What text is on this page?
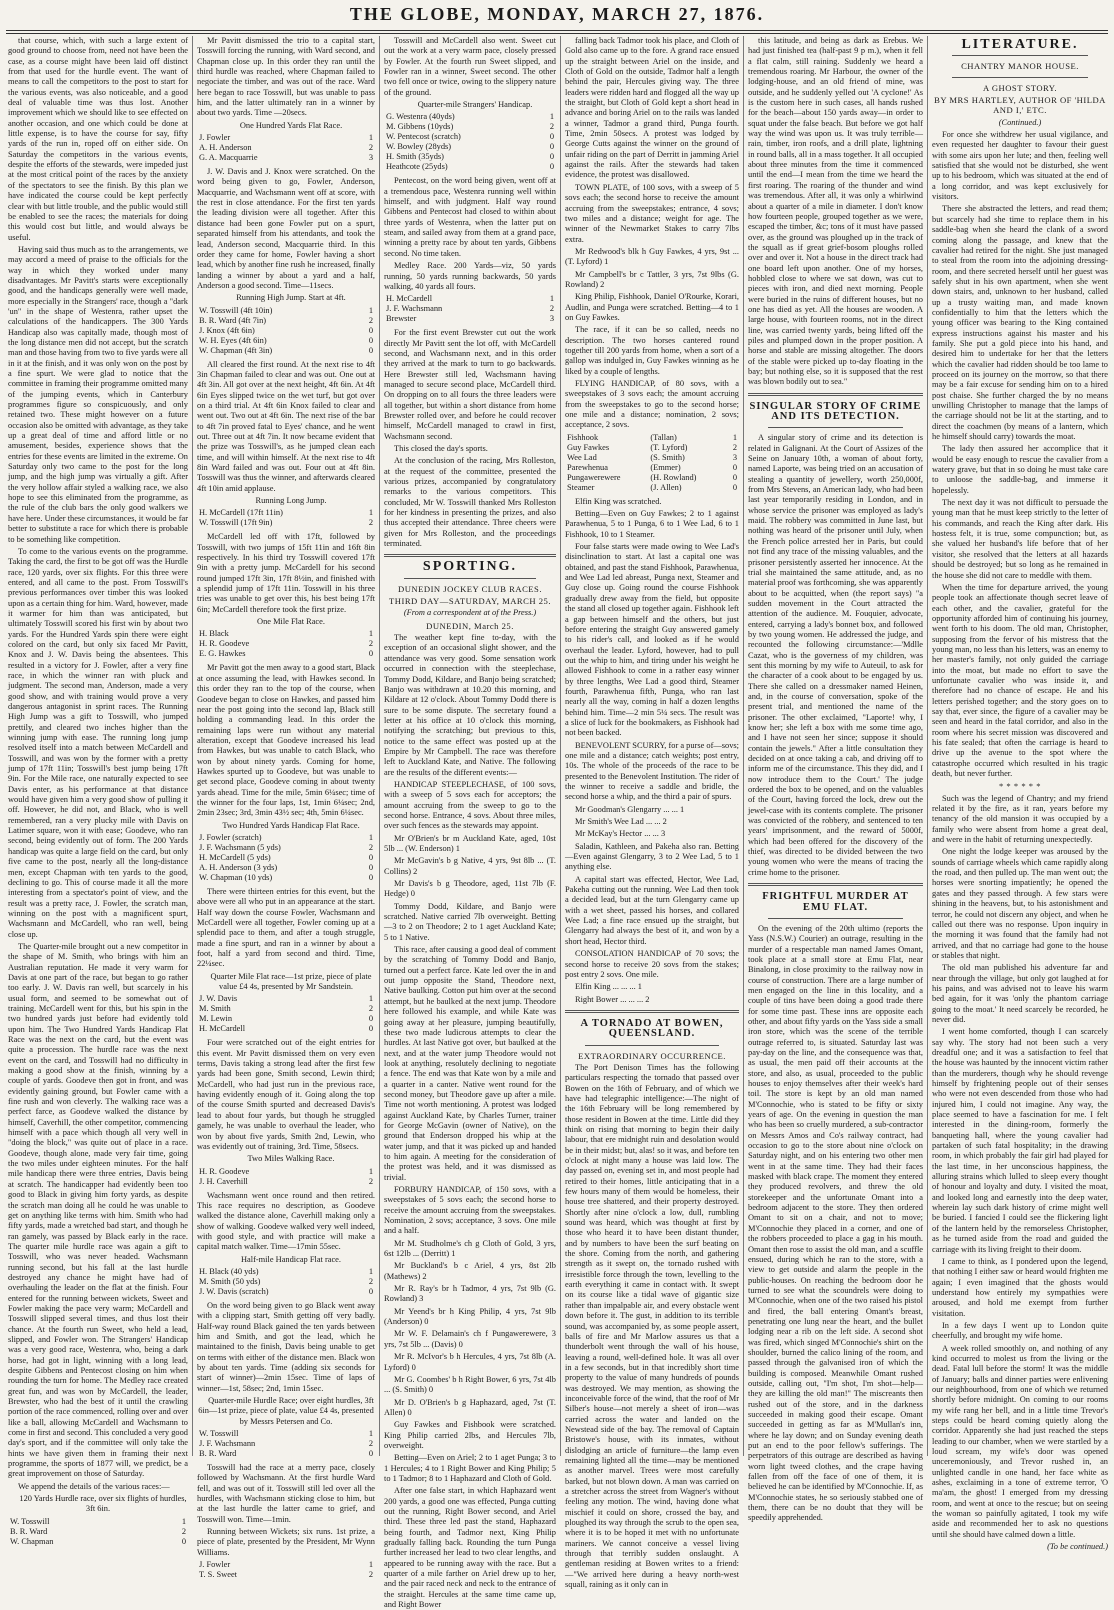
THE GLOBE, MONDAY, MARCH 27, 1876.

that course, which, with such a large extent of good ground to choose from, need not have been the case, as a course might have been laid off distinct from that used for the hurdle event. The want of means to call the competitors to the post to start for the various events, was also noticeable, and a good deal of valuable time was thus lost. Another improvement which we should like to see effected on another occasion, and one which could be done at little expense, is to have the course for say, fifty yards of the run in, roped off on either side. On Saturday the competitors in the various events, despite the efforts of the stewards, were impeded just at the most critical point of the races by the anxiety of the spectators to see the finish. By this plan we have indicated the course could be kept perfectly clear with but little trouble, and the public would still be enabled to see the races; the materials for doing this would cost but little, and would always be useful.

Having said thus much as to the arrangements, we may accord a meed of praise to the officials for the way in which they worked under many disadvantages. Mr Pavitt's starts were exceptionally good, and the handicaps generally were well made, more especially in the Strangers' race, though a "dark 'un" in the shape of Westenra, rather upset the calculations of the handicappers. The 300 Yards Handicap also was capitally made, though most of the long distance men did not accept, but the scratch man and those having from two to five yards were all in it at the finish, and it was only won on the post by a fine spurt. We were glad to notice that the committee in framing their programme omitted many of the jumping events, which in Canterbury programmes figure so conspicuously, and only retained two. These might however on a future occasion also be omitted with advantage, as they take up a great deal of time and afford little or no amusement, besides, experience shows that the entries for these events are limited in the extreme. On Saturday only two came to the post for the long jump, and the high jump was virtually a gift. After the very hollow affair styled a walking race, we also hope to see this eliminated from the programme, as the rule of the club bars the only good walkers we have here. Under these circumstances, it would be far better to substitute a race for which there is probable to be something like competition.

To come to the various events on the programme. Taking the card, the first to be got off was the Hurdle race, 120 yards, over six flights. For this three were entered, and all came to the post. From Tosswill's previous performances over timber this was looked upon as a certain thing for him. Ward, however, made it warmer for him than was anticipated, but ultimately Tosswill scored his first win by about two yards. For the Hundred Yards spin there were eight colored on the card, but only six faced Mr Pavitt, Knox and J. W. Davis being the absentees. This resulted in a victory for J. Fowler, after a very fine race, in which the winner ran with pluck and judgment. The second man, Anderson, made a very good show, and with training would prove a very dangerous antagonist in sprint races. The Running High Jump was a gift to Tosswill, who jumped prettily, and cleared two inches higher than the winning jump with ease. The running long jump resolved itself into a match between McCardell and Tosswill, and was won by the former with a pretty jump of 17ft 11in; Tosswill's best jump being 17ft 9in. For the Mile race, one naturally expected to see Davis enter, as his performance at that distance would have given him a very good show of pulling it off. However, he did not, and Black, who is well remembered, ran a very plucky mile with Davis on Latimer square, won it with ease; Goodeve, who ran second, being evidently out of form. The 200 Yards handicap was quite a large field on the card, but only five came to the post, nearly all the long-distance men, except Chapman with ten yards to the good, declining to go. This of course made it all the more interesting from a spectator's point of view, and the result was a pretty race, J. Fowler, the scratch man, winning on the post with a magnificent spurt, Wachsmann and McCardell, who ran well, being close up.

The Quarter-mile brought out a new competitor in the shape of M. Smith, who brings with him an Australian reputation. He made it very warm for Davis at one part of the race, but began to go rather too early. J. W. Davis ran well, but scarcely in his usual form, and seemed to be somewhat out of training. McCardell went for this, but his spin in the two hundred yards just before had evidently told upon him. The Two Hundred Yards Handicap Flat Race was the next on the card, but the event was quite a procession. The hurdle race was the next event on the card, and Tosswill had no difficulty in making a good show at the finish, winning by a couple of yards. Goodeve then got in front, and was evidently gaining ground, but Fowler came with a fine rush and won cleverly. The walking race was a perfect farce, as Goodeve walked the distance by himself, Caverhill, the other competitor, commencing himself with a pace which though all very well in "doing the block," was quite out of place in a race. Goodeve, though alone, made very fair time, going the two miles under eighteen minutes. For the half mile handicap there were three entries, Davis being at scratch. The handicapper had evidently been too good to Black in giving him forty yards, as despite the scratch man doing all he could he was unable to get on anything like terms with him. Smith who had fifty yards, made a wretched bad start, and though he ran gamely, was passed by Black early in the race. The quarter mile hurdle race was again a gift to Tosswill, who was never headed. Wachsmann running second, but his fall at the last hurdle destroyed any chance he might have had of overhauling the leader on the flat at the finish. Four entered for the running between wickets, Sweet and Fowler making the pace very warm; McCardell and Tosswill slipped several times, and thus lost their chance. At the fourth run Sweet, who held a lead, slipped, and Fowler won. The Strangers' Handicap was a very good race, Westenra, who, being a dark horse, had got in light, winning with a long lead, despite Gibbens and Pentecost closing on him when rounding the turn for home. The Medley race created great fun, and was won by McCardell, the leader, Brewster, who had the best of it until the crawling portion of the race commenced, rolling over and over like a ball, allowing McCardell and Wachsmann to come in first and second. This concluded a very good day's sport, and if the committee will only take the hints we have given them in framing their next programme, the sports of 1877 will, we predict, be a great improvement on those of Saturday.

We append the details of the various races:—

120 Yards Hurdle race, over six flights of hurdles, 3ft 6in.

W. Tosswill	1
B. R. Ward	2
W. Chapman	0

Mr Pavitt dismissed the trio to a capital start, Tosswill forcing the running, with Ward second, and Chapman close up. In this order they ran until the third hurdle was reached, where Chapman failed to negociate the timber, and was out of the race. Ward here began to race Tosswill, but was unable to pass him, and the latter ultimately ran in a winner by about two yards. Time —20secs.

One Hundred Yards Flat Race.

J. Fowler	1
A. H. Anderson	2
G. A. Macquarrie	3

J. W. Davis and J. Knox were scratched. On the word being given to go, Fowler, Anderson, Macquarrie, and Wachsmann went off at score, with the rest in close attendance. For the first ten yards the leading division were all together. After this distance had been gone Fowler put on a spurt, separated himself from his attendants, and took the lead, Anderson second, Macquarrie third. In this order they came for home, Fowler having a short lead, which by another fine rush he increased, finally landing a winner by about a yard and a half, Anderson a good second. Time—11secs.

Running High Jump. Start at 4ft.

W. Tosswill (4ft 10in)	1
B. R. Ward (4ft 7in)	2
J. Knox (4ft 6in)	0
W. H. Eyes (4ft 6in)	0
W. Chapman (4ft 3in)	0

All cleared the first round. At the next rise to 4ft 3in Chapman failed to clear and was out. One out at 4ft 3in. All got over at the next height, 4ft 6in. At 4ft 6in Eyes slipped twice on the wet turf, but got over on a third trial. At 4ft 6in Knox failed to clear and went out. Two out at 4ft 6in. The next rise of the bar to 4ft 7in proved fatal to Eyes' chance, and he went out. Three out at 4ft 7in. It now became evident that the prize was Tosswill's, as he jumped clean each time, and will within himself. At the next rise to 4ft 8in Ward failed and was out. Four out at 4ft 8in. Tosswill was thus the winner, and afterwards cleared 4ft 10in amid applause.

Running Long Jump.

H. McCardell (17ft 11in)	1
W. Tosswill (17ft 9in)	2

McCardell led off with 17ft, followed by Tosswill, with two jumps of 15ft 11in and 16ft 8in respectively. In his third try Tosswill covered 17ft 9in with a pretty jump. McCardell for his second round jumped 17ft 3in, 17ft 8½in, and finished with a splendid jump of 17ft 11in. Tosswill in his three tries was unable to get over this, his best being 17ft 6in; McCardell therefore took the first prize.

One Mile Flat Race.

H. Black	1
H. R. Goodeve	2
E. G. Hawkes	0

Mr Pavitt got the men away to a good start, Black at once assuming the lead, with Hawkes second. In this order they ran to the top of the course, when Goodeve began to close on Hawkes, and passed him near the post going into the second lap, Black still holding a commanding lead. In this order the remaining laps were run without any material alteration, except that Goodeve increased his lead from Hawkes, but was unable to catch Black, who won by about ninety yards. Coming for home, Hawkes spurted up to Goodeve, but was unable to get second place, Goodeve coming in about twenty yards ahead. Time for the mile, 5min 6¼sec; time of the winner for the four laps, 1st, 1min 6¼sec; 2nd, 2min 23sec; 3rd, 3min 43½ sec; 4th, 5min 6¼sec.

Two Hundred Yards Handicap Flat Race.

J. Fowler (scratch)	1
J. F. Wachsmann (5 yds)	2
H. McCardell (5 yds)	0
A. H. Anderson (3 yds)	0
W. Chapman (10 yds)	0

There were thirteen entries for this event, but the above were all who put in an appearance at the start. Half way down the course Fowler, Wachsmann and McCardell were all together, Fowler coming up at a splendid pace to them, and after a tough struggle, made a fine spurt, and ran in a winner by about a foot, half a yard from second and third. Time, 22¼sec.

Quarter Mile Flat race—1st prize, piece of plate value £4 4s, presented by Mr Sandstein.

J. W. Davis	1
M. Smith	2
M. Lewin	0
H. McCardell	0

Four were scratched out of the eight entries for this event. Mr Pavitt dismissed them on very even terms, Davis taking a strong lead after the first few yards had been gone, Smith second, Lewin third; McCardell, who had just run in the previous race, having evidently enough of it. Going along the top of the course Smith spurted and decreased Davis's lead to about four yards, but though he struggled gamely, he was unable to overhaul the leader, who won by about five yards, Smith 2nd, Lewin, who was evidently out of training, 3rd. Time, 58secs.

Two Miles Walking Race.

H. R. Goodeve	1
J. H. Caverhill	2

Wachsmann went once round and then retired. This race requires no description, as Goodeve walked the distance alone, Caverhill making only a show of walking. Goodeve walked very well indeed, with good style, and with practice will make a capital match walker. Time—17min 55sec.

Half-mile Handicap Flat race.

H. Black (40 yds)	1
M. Smith (50 yds)	2
J. W. Davis (scratch)	0

On the word being given to go Black went away with a clipping start, Smith getting off very badly. Half-way round Black gained the ten yards between him and Smith, and got the lead, which he maintained to the finish, Davis being unable to get on terms with either of the distance men. Black won by about ten yards. Time (adding six seconds for start of winner)—2min 15sec. Time of laps of winner—1st, 58sec; 2nd, 1min 15sec.

Quarter-mile Hurdle Race; over eight hurdles, 3ft 6in—1st prize, piece of plate, value £4 4s, presented by Messrs Petersen and Co.

W. Tosswill	1
J. F. Wachsmann	2
B. R. Ward	0

Tosswill had the race at a merry pace, closely followed by Wachsmann. At the first hurdle Ward fell, and was out of it. Tosswill still led over all the hurdles, with Wachsmann sticking close to him, but at the last hurdle the latter came to grief, and Tosswill won. Time—1min.

Running between Wickets; six runs. 1st prize, a piece of plate, presented by the President, Mr Wynn Williams.

J. Fowler	1
T. S. Sweet	2

Tosswill and McCardell also went. Sweet cut out the work at a very warm pace, closely pressed by Fowler. At the fourth run Sweet slipped, and Fowler ran in a winner, Sweet second. The other two fell once or twice, owing to the slippery nature of the ground.

Quarter-mile Strangers' Handicap.

G. Westenra (40yds)	1
M. Gibbens (10yds)	2
W. Pentecost (scratch)	0
W. Bowley (28yds)	0
H. Smith (35yds)	0
Heathcote (25yds)	0

Pentecost, on the word being given, went off at a tremendous pace, Westenra running well within himself, and with judgment. Half way round Gibbens and Pentecost had closed to within about three yards of Westenra, when the latter put on steam, and sailed away from them at a grand pace, winning a pretty race by about ten yards, Gibbens second. No time taken.

Medley Race. 200 Yards—viz, 50 yards running, 50 yards running backwards, 50 yards walking, 40 yards all fours.

H. McCardell	1
J. F. Wachsmann	2
Brewster	3

For the first event Brewster cut out the work directly Mr Pavitt sent the lot off, with McCardell second, and Wachsmann next, and in this order they arrived at the mark to turn to go backwards. Here Brewster still led, Wachsmann having managed to secure second place, McCardell third. On dropping on to all fours the three leaders were all together, but within a short distance from home Brewster rolled over, and before he could recover himself, McCardell managed to crawl in first, Wachsmann second.

This closed the day's sports.

At the conclusion of the racing, Mrs Rolleston, at the request of the committee, presented the various prizes, accompanied by congratulatory remarks to the various competitors. This concluded, Mr W. Tosswill thanked Mrs Rolleston for her kindness in presenting the prizes, and also thus accepted their attendance. Three cheers were given for Mrs Rolleston, and the proceedings terminated.

SPORTING.

DUNEDIN JOCKEY CLUB RACES.

THIRD DAY—SATURDAY, MARCH 25.

(From a correspondent at of the Press.)

DUNEDIN, March 25.

The weather kept fine to-day, with the exception of an occasional slight shower, and the attendance was very good. Some sensation work occurred in connection with the steeplechase, Tommy Dodd, Kildare, and Banjo being scratched; Banjo was withdrawn at 10.20 this morning, and Kildare at 12 o'clock. About Tommy Dodd there is sure to be some dispute. The secretary found a letter at his office at 10 o'clock this morning, notifying the scratching; but previous to this, notice to the same effect was posted up at the Empire by Mr Campbell. The race was therefore left to Auckland Kate, and Native. The following are the results of the different events:—

HANDICAP STEEPLECHASE, of 100 sovs, with a sweep of 5 sovs each for acceptors; the amount accruing from the sweep to go to the second horse. Entrance, 4 sovs. About three miles, over such fences as the stewards may appoint.

Mr O'Brien's br m Auckland Kate, aged, 10st 5lb ... (W. Enderson) 1

Mr McGavin's b g Native, 4 yrs, 9st 8lb ... (T. Collins) 2

Mr Davis's b g Theodore, aged, 11st 7lb (F. Hedge) 0

Tommy Dodd, Kildare, and Banjo were scratched. Native carried 7lb overweight. Betting—3 to 2 on Theodore; 2 to 1 aget Auckland Kate; 5 to 1 Native.

This race, after causing a good deal of comment by the scratching of Tommy Dodd and Banjo, turned out a perfect farce. Kate led over the in and out jump opposite the Stand, Theodore next, Native baulking. Cotton put him over at the second attempt, but he baulked at the next jump. Theodore here followed his example, and while Kate was going away at her pleasure, jumping beautifully, these two made ludicrous attempts to clear the hurdles. At last Native got over, but baulked at the next, and at the water jump Theodore would not look at anything, resolutely declining to negotiate a fence. The end was that Kate won by a mile and a quarter in a canter. Native went round for the second money, but Theodore gave up after a mile. Time not worth mentioning. A protest was lodged against Auckland Kate, by Charles Turner, trainer for George McGavin (owner of Native), on the ground that Enderson dropped his whip at the water jump, and that it was picked up and handed to him again. A meeting for the consideration of the protest was held, and it was dismissed as trivial.

FORBURY HANDICAP, of 150 sovs, with a sweepstakes of 5 sovs each; the second horse to receive the amount accruing from the sweepstakes. Nomination, 2 sovs; acceptance, 3 sovs. One mile and a half.

Mr M. Studholme's ch g Cloth of Gold, 3 yrs, 6st 12lb ... (Derritt) 1

Mr Buckland's b c Ariel, 4 yrs, 8st 2lb (Mathews) 2

Mr R. Ray's br h Tadmor, 4 yrs, 7st 9lb (G. Rowland) 3

Mr Yeend's br h King Philip, 4 yrs, 7st 9lb (Anderson) 0

Mr W. F. Delamain's ch f Pungawerewere, 3 yrs, 7st 5lb ... (Davis) 0

Mr R. McIvor's b h Hercules, 4 yrs, 7st 8lb (A. Lyford) 0

Mr G. Coombes' b h Right Bower, 6 yrs, 7st 4lb ... (S. Smith) 0

Mr D. O'Brien's b g Haphazard, aged, 7st (T. Allen) 0

Guy Fawkes and Fishbook were scratched. King Philip carried 2lbs, and Hercules 7lb, overweight.

Betting—Even on Ariel; 2 to 1 aget Punga; 3 to 1 Hercules; 4 to 1 Right Bower and King Philip; 5 to 1 Tadmor; 8 to 1 Haphazard and Cloth of Gold.

After one false start, in which Haphazard went 200 yards, a good one was effected, Punga cutting out the running, Right Bower second, and Ariel third. These three led past the stand, Haphazard being fourth, and Tadmor next, King Philip gradually falling back. Rounding the turn Punga further increased her lead to two clear lengths, and appeared to be running away with the race. But a quarter of a mile farther on Ariel drew up to her, and the pair raced neck and neck to the entrance of the straight. Hercules at the same time came up, and Right Bower

falling back Tadmor took his place, and Cloth of Gold also came up to the fore. A grand race ensued up the straight between Ariel on the inside, and Cloth of Gold on the outside, Tadmor half a length behind the pair, Hercules giving way. The three leaders were ridden hard and flogged all the way up the straight, but Cloth of Gold kept a short head in advance and boring Ariel on to the rails was landed a winner, Tadmor a grand third, Punga fourth. Time, 2min 50secs. A protest was lodged by George Cutts against the winner on the ground of unfair riding on the part of Derritt in jamming Ariel against the rails. After the stewards had taken evidence, the protest was disallowed.

TOWN PLATE, of 100 sovs, with a sweep of 5 sovs each; the second horse to receive the amount accruing from the sweepstakes; entrance, 4 sovs; two miles and a distance; weight for age. The winner of the Newmarket Stakes to carry 7lbs extra.

Mr Redwood's blk h Guy Fawkes, 4 yrs, 9st ... (T. Lyford) 1

Mr Campbell's br c Tattler, 3 yrs, 7st 9lbs (G. Rowland) 2

King Philip, Fishhook, Daniel O'Rourke, Korari, Audlin, and Punga were scratched. Betting—4 to 1 on Guy Fawkes.

The race, if it can be so called, needs no description. The two horses cantered round together till 200 yards from home, when a sort of a gallop was indulged in, Guy Fawkes winning as he liked by a couple of lengths.

FLYING HANDICAP, of 80 sovs, with a sweepstakes of 3 sovs each; the amount accruing from the sweepstakes to go to the second horse; one mile and a distance; nomination, 2 sovs; acceptance, 2 sovs.

Fishhook	(Tallan)	1
Guy Fawkes	(T. Lyford)	2
Wee Lad	(S. Smith)	3
Parewhenua	(Emmer)	0
Pungawerewere	(H. Rowland)	0
Steamer	(J. Allen)	0

Elfin King was scratched.

Betting—Even on Guy Fawkes; 2 to 1 against Parawhenua, 5 to 1 Punga, 6 to 1 Wee Lad, 6 to 1 Fishhook, 10 to 1 Steamer.

Four false starts were made owing to Wee Lad's disinclination to start. At last a capital one was obtained, and past the stand Fishhook, Parawhenua, and Wee Lad led abreast, Punga next, Steamer and Guy close up. Going round the course Fishhook gradually drew away from the field, but opposite the stand all closed up together again. Fishhook left a gap between himself and the others, but just before entering the straight Guy answered gamely to his rider's call, and looked as if he would overhaul the leader. Lyford, however, had to pull out the whip to him, and tiring under his weight he allowed Fishhook to come in a rather easy winner by three lengths, Wee Lad a good third, Steamer fourth, Parawhenua fifth, Punga, who ran last nearly all the way, coming in half a dozen lengths behind him. Time—2 min 5¼ secs. The result was a slice of luck for the bookmakers, as Fishhook had not been backed.

BENEVOLENT SCURRY, for a purse of—sovs; one mile and a distance; catch weights; post entry, 10s. The whole of the proceeds of the race to be presented to the Benevolent Institution. The rider of the winner to receive a saddle and bridle, the second horse a whip, and the third a pair of spurs.

Mr Goodman's Glengarry ... ... 1

Mr Smith's Wee Lad ... ... 2

Mr McKay's Hector ... ... 3

Saladin, Kathleen, and Pakeha also ran. Betting—Even against Glengarry, 3 to 2 Wee Lad, 5 to 1 anything else.

A capital start was effected, Hector, Wee Lad, Pakeha cutting out the running. Wee Lad then took a decided lead, but at the turn Glengarry came up with a wet sheet, passed his horses, and collared Wee Lad; a fine race ensued up the straight, but Glengarry had always the best of it, and won by a short head, Hector third.

CONSOLATION HANDICAP of 70 sovs; the second horse to receive 20 sovs from the stakes; post entry 2 sovs. One mile.

Elfin King ... ... ... 1

Right Bower ... ... ... 2

A TORNADO AT BOWEN, QUEENSLAND.

EXTRAORDINARY OCCURRENCE.

The Port Denison Times has the following particulars respecting the tornado that passed over Bowen on the 16th of February, and of which we have had telegraphic intelligence:—The night of the 16th February will be long remembered by those resident in Bowen at the time. Little did they think on rising that morning to begin their daily labour, that ere midnight ruin and desolation would be in their midst; but, alas! so it was, and before ten o'clock at night many a house was laid low. The day passed on, evening set in, and most people had retired to their homes, little anticipating that in a few hours many of them would be homeless, their house tree shattered, and their property destroyed. Shortly after nine o'clock a low, dull, rumbling sound was heard, which was thought at first by those who heard it to have been distant thunder, and by numbers to have been the surf beating on the shore. Coming from the north, and gathering strength as it swept on, the tornado rushed with irresistible force through the town, levelling to the earth everything it came in contact with. It swept on its course like a tidal wave of gigantic size rather than impalpable air, and every obstacle went down before it. The gust, in addition to its terrible sound, was accompanied by, as some people assert, balls of fire and Mr Marlow assures us that a thunderbolt went through the wall of his house, leaving a round, well-defined hole. It was all over in a few seconds, but in that incredibly short time property to the value of many hundreds of pounds was destroyed. We may mention, as showing the inconceivable force of the wind, that the roof of Mr Silber's house—not merely a sheet of iron—was carried across the water and landed on the Newstead side of the bay. The removal of Captain Bristowe's house, with its inmates, without dislodging an article of furniture—the lamp even remaining lighted all the time—may be mentioned as another marvel. Trees were most carefully barked, but not blown down. A man was carried on a stretcher across the street from Wagner's without feeling any motion. The wind, having done what mischief it could on shore, crossed the bay, and ploughed its way through the scrub to the open sea, where it is to be hoped it met with no unfortunate mariners. We cannot conceive a vessel living through that terribly sudden onslaught. A gentleman residing at Bowen writes to a friend:—"We arrived here during a heavy north-west squall, raining as it only can in

this latitude, and being as dark as Erebus. We had just finished tea (half-past 9 p m.), when it fell a flat calm, still raining. Suddenly we heard a tremendous roaring. Mr Harbour, the owner of the lodging-house, and an old friend of mine, was outside, and he suddenly yelled out 'A cyclone!' As is the custom here in such cases, all hands rushed for the beach—about 150 yards away—in order to squat under the false beach. But before we got half way the wind was upon us. It was truly terrible—rain, timber, iron roofs, and a drill plate, lightning in round balls, all in a mass together. It all occupied about three minutes from the time it commenced until the end—I mean from the time we heard the first roaring. The roaring of the thunder and wind was tremendous. After all, it was only a whirlwind about a quarter of a mile in diameter. I don't know how fourteen people, grouped together as we were, escaped the timber, &c; tons of it must have passed over, as the ground was ploughed up in the track of the squall as if great grief-bosom ploughs rolled over and over it. Not a house in the direct track had one board left upon another. One of my horses, hobbled close to where we sat down, was cut to pieces with iron, and died next morning. People were buried in the ruins of different houses, but no one has died as yet. All the houses are wooden. A large house, with fourteen rooms, not in the direct line, was carried twenty yards, being lifted off the piles and plumped down in the proper position. A horse and stable are missing altogether. The doors of the stable were picked up to-day floating in the bay; but nothing else, so it is supposed that the rest was blown bodily out to sea."

SINGULAR STORY OF CRIME AND ITS DETECTION.

A singular story of crime and its detection is related in Galignani. At the Court of Assizes of the Seine on January 10th, a woman of about forty, named Laporte, was being tried on an accusation of stealing a quantity of jewellery, worth 250,000f, from Mrs Stevens, an American lady, who had been last year temporarily residing in London, and in whose service the prisoner was employed as lady's maid. The robbery was committed in June last, but nothing was heard of the prisoner until July, when the French police arrested her in Paris, but could not find any trace of the missing valuables, and the prisoner persistently asserted her innocence. At the trial she maintained the same attitude, and, as no material proof was forthcoming, she was apparently about to be acquitted, when (the report says) "a sudden movement in the Court attracted the attention of the audience. M. Fouquier, advocate, entered, carrying a lady's bonnet box, and followed by two young women. He addressed the judge, and recounted the following circumstance:—'Mdlle Cazat, who is the governess of my children, was sent this morning by my wife to Auteuil, to ask for the character of a cook about to be engaged by us. There she called on a dressmaker named Heinen, and, in the course of conversation, spoke of the present trial, and mentioned the name of the prisoner. The other exclaimed, "Laporte! why, I know her; she left a box with me some time ago, and I have not seen her since; suppose it should contain the jewels." After a little consultation they decided on at once taking a cab, and driving off to inform me of the circumstance. This they did, and I now introduce them to the Court.' The judge ordered the box to be opened, and on the valuables of the Court, having forced the lock, drew out the jewel-case with its contents complete. The prisoner was convicted of the robbery, and sentenced to ten years' imprisonment, and the reward of 5000f, which had been offered for the discovery of the thief, was directed to be divided between the two young women who were the means of tracing the crime home to the prisoner.

FRIGHTFUL MURDER AT EMU FLAT.

On the evening of the 20th ultimo (reports the Yass (N.S.W.) Courier) an outrage, resulting in the murder of a respectable man named James Omant, took place at a small store at Emu Flat, near Binalong, in close proximity to the railway now in course of construction. There are a large number of men engaged on the line in this locality, and a couple of tins have been doing a good trade there for some time past. These inns are opposite each other, and about fifty yards on the Yass side a small iron store, which was the scene of the terrible outrage referred to, is situated. Saturday last was pay-day on the line, and the consequence was that, as usual, the men paid off their accounts at the store, and also, as usual, proceeded to the public houses to enjoy themselves after their week's hard toil. The store is kept by an old man named M'Connochie, who is stated to be fifty or sixty years of age. On the evening in question the man who has been so cruelly murdered, a sub-contractor on Messrs Amos and Co's railway contract, had occasion to go to the store about nine o'clock on Saturday night, and on his entering two other men went in at the same time. They had their faces masked with black crape. The moment they entered they produced revolvers, and threw the old storekeeper and the unfortunate Omant into a bedroom adjacent to the store. They then ordered Omant to sit on a chair, and not to move; M'Connochie they placed in a corner, and one of the robbers proceeded to place a gag in his mouth. Omant then rose to assist the old man, and a scuffle ensued, during which he ran to the store, with a view to get outside and alarm the people in the public-houses. On reaching the bedroom door he turned to see what the scoundrels were doing to M'Connochie, when one of the two raised his pistol and fired, the ball entering Omant's breast, penetrating one lung near the heart, and the bullet lodging near a rib on the left side. A second shot was fired, which singed M'Connochie's shirt on the shoulder, burned the calico lining of the room, and passed through the galvanised iron of which the building is composed. Meanwhile Omant rushed outside, calling out, "I'm shot, I'm shot—help—they are killing the old man!" The miscreants then rushed out of the store, and in the darkness succeeded in making good their escape. Omant succeeded in getting as far as M'Mullan's inn, where he lay down; and on Sunday evening death put an end to the poor fellow's sufferings. The perpetrators of this outrage are described as having worn light tweed clothes, and the crape having fallen from off the face of one of them, it is believed he can be identified by M'Connochie. If, as M'Connochie states, he so seriously stabbed one of them, there can be no doubt that they will be speedily apprehended.

LITERATURE.

CHANTRY MANOR HOUSE.

A GHOST STORY.

BY MRS HARTLEY, AUTHOR OF 'HILDA AND I,' ETC.

(Continued.)

For once she withdrew her usual vigilance, and even requested her daughter to favour their guest with some airs upon her lute; and then, feeling well satisfied that she would not be disturbed, she went up to his bedroom, which was situated at the end of a long corridor, and was kept exclusively for visitors.

There she abstracted the letters, and read them; but scarcely had she time to replace them in his saddle-bag when she heard the clank of a sword coming along the passage, and knew that the cavalier had retired for the night. She just managed to steal from the room into the adjoining dressing-room, and there secreted herself until her guest was safely shut in his own apartment, when she went down stairs, and, unknown to her husband, called up a trusty waiting man, and made known confidentially to him that the letters which the young officer was bearing to the King contained express instructions against his master and his family. She put a gold piece into his hand, and desired him to undertake for her that the letters which the cavalier had ridden should be too lame to proceed on its journey on the morrow, so that there may be a fair excuse for sending him on to a hired post chaise. She further charged the by no means unwilling Christopher to manage that the lamps of the carriage should not be lit at the starting, and to direct the coachmen (by means of a lantern, which he himself should carry) towards the moat.

The lady then assured her accomplice that it would be easy enough to rescue the cavalier from a watery grave, but that in so doing he must take care to unloose the saddle-bag, and immerse it hopelessly.

The next day it was not difficult to persuade the young man that he must keep strictly to the letter of his commands, and reach the King after dark. His hostess felt, it is true, some compunction; but, as she valued her husband's life before that of her visitor, she resolved that the letters at all hazards should be destroyed; but so long as he remained in the house she did not care to meddle with them.

When the time for departure arrived, the young people took an affectionate though secret leave of each other, and the cavalier, grateful for the opportunity afforded him of continuing his journey, went forth to his doom. The old man, Christopher, supposing from the fervor of his mistress that the young man, no less than his letters, was an enemy to her master's family, not only guided the carriage into the moat, but made no effort to save the unfortunate cavalier who was inside it, and therefore had no chance of escape. He and his letters perished together; and the story goes on to say that, ever since, the figure of a cavalier may be seen and heard in the fatal corridor, and also in the room where his secret mission was discovered and his fate sealed; that often the carriage is heard to drive up the avenue to the spot where the catastrophe occurred which resulted in his tragic death, but never further.

* * * * * *

Such was the legend of Chantry; and my friend related it by the fire, as it ran, years before my tenancy of the old mansion it was occupied by a family who were absent from home a great deal, and were in the habit of returning unexpectedly.

One night the lodge keeper was aroused by the sounds of carriage wheels which came rapidly along the road, and then pulled up. The man went out; the horses were snorting impatiently; he opened the gates and they passed through. A few stars were shining in the heavens, but, to his astonishment and terror, he could not discern any object, and when he called out there was no response. Upon inquiry in the morning it was found that the family had not arrived, and that no carriage had gone to the house or stables that night.

The old man published his adventure far and near through the village, but only got laughed at for his pains, and was advised not to leave his warm bed again, for it was 'only the phantom carriage going to the moat.' It need scarcely be recorded, he never did.

I went home comforted, though I can scarcely say why. The story had not been such a very dreadful one; and it was a satisfaction to feel that the house was haunted by the innocent victim rather than the murderers, though why he should revenge himself by frightening people out of their senses who were not even descended from those who had injured him, I could not imagine. Any way, the place seemed to have a fascination for me. I felt interested in the dining-room, formerly the banqueting hall, where the young cavalier had partaken of such fatal hospitality; in the drawing room, in which probably the fair girl had played for the last time, in her unconscious happiness, the alluring strains which lulled to sleep every thought of honour and loyalty and duty. I visited the moat, and looked long and earnestly into the deep water, wherein lay such dark history of crime might well be buried. I fancied I could see the flickering light of the lantern held by the remorseless Christopher, as he turned aside from the road and guided the carriage with its living freight to their doom.

I came to think, as I pondered upon the legend, that nothing I either saw or heard would frighten me again; I even imagined that the ghosts would understand how entirely my sympathies were aroused, and hold me exempt from further visitation.

In a few days I went up to London quite cheerfully, and brought my wife home.

A week rolled smoothly on, and nothing of any kind occurred to molest us from the living or the dead. Fatal lull before the storm! It was the middle of January; balls and dinner parties were enlivening our neighbourhood, from one of which we returned shortly before midnight. On coming to our rooms my wife rang her bell, and in a little time Trevor's steps could be heard coming quietly along the corridor. Apparently she had just reached the steps leading to our chamber, when we were startled by a loud scream, my wife's door was opened unceremoniously, and Trevor rushed in, an unlighted candle in one hand, her face white as ashes, exclaiming in a tone of extreme terror, 'O ma'am, the ghost! I emerged from my dressing room, and went at once to the rescue; but on seeing the woman so painfully agitated, I took my wife aside and recommended her to ask no questions until she should have calmed down a little.

(To be continued.)
